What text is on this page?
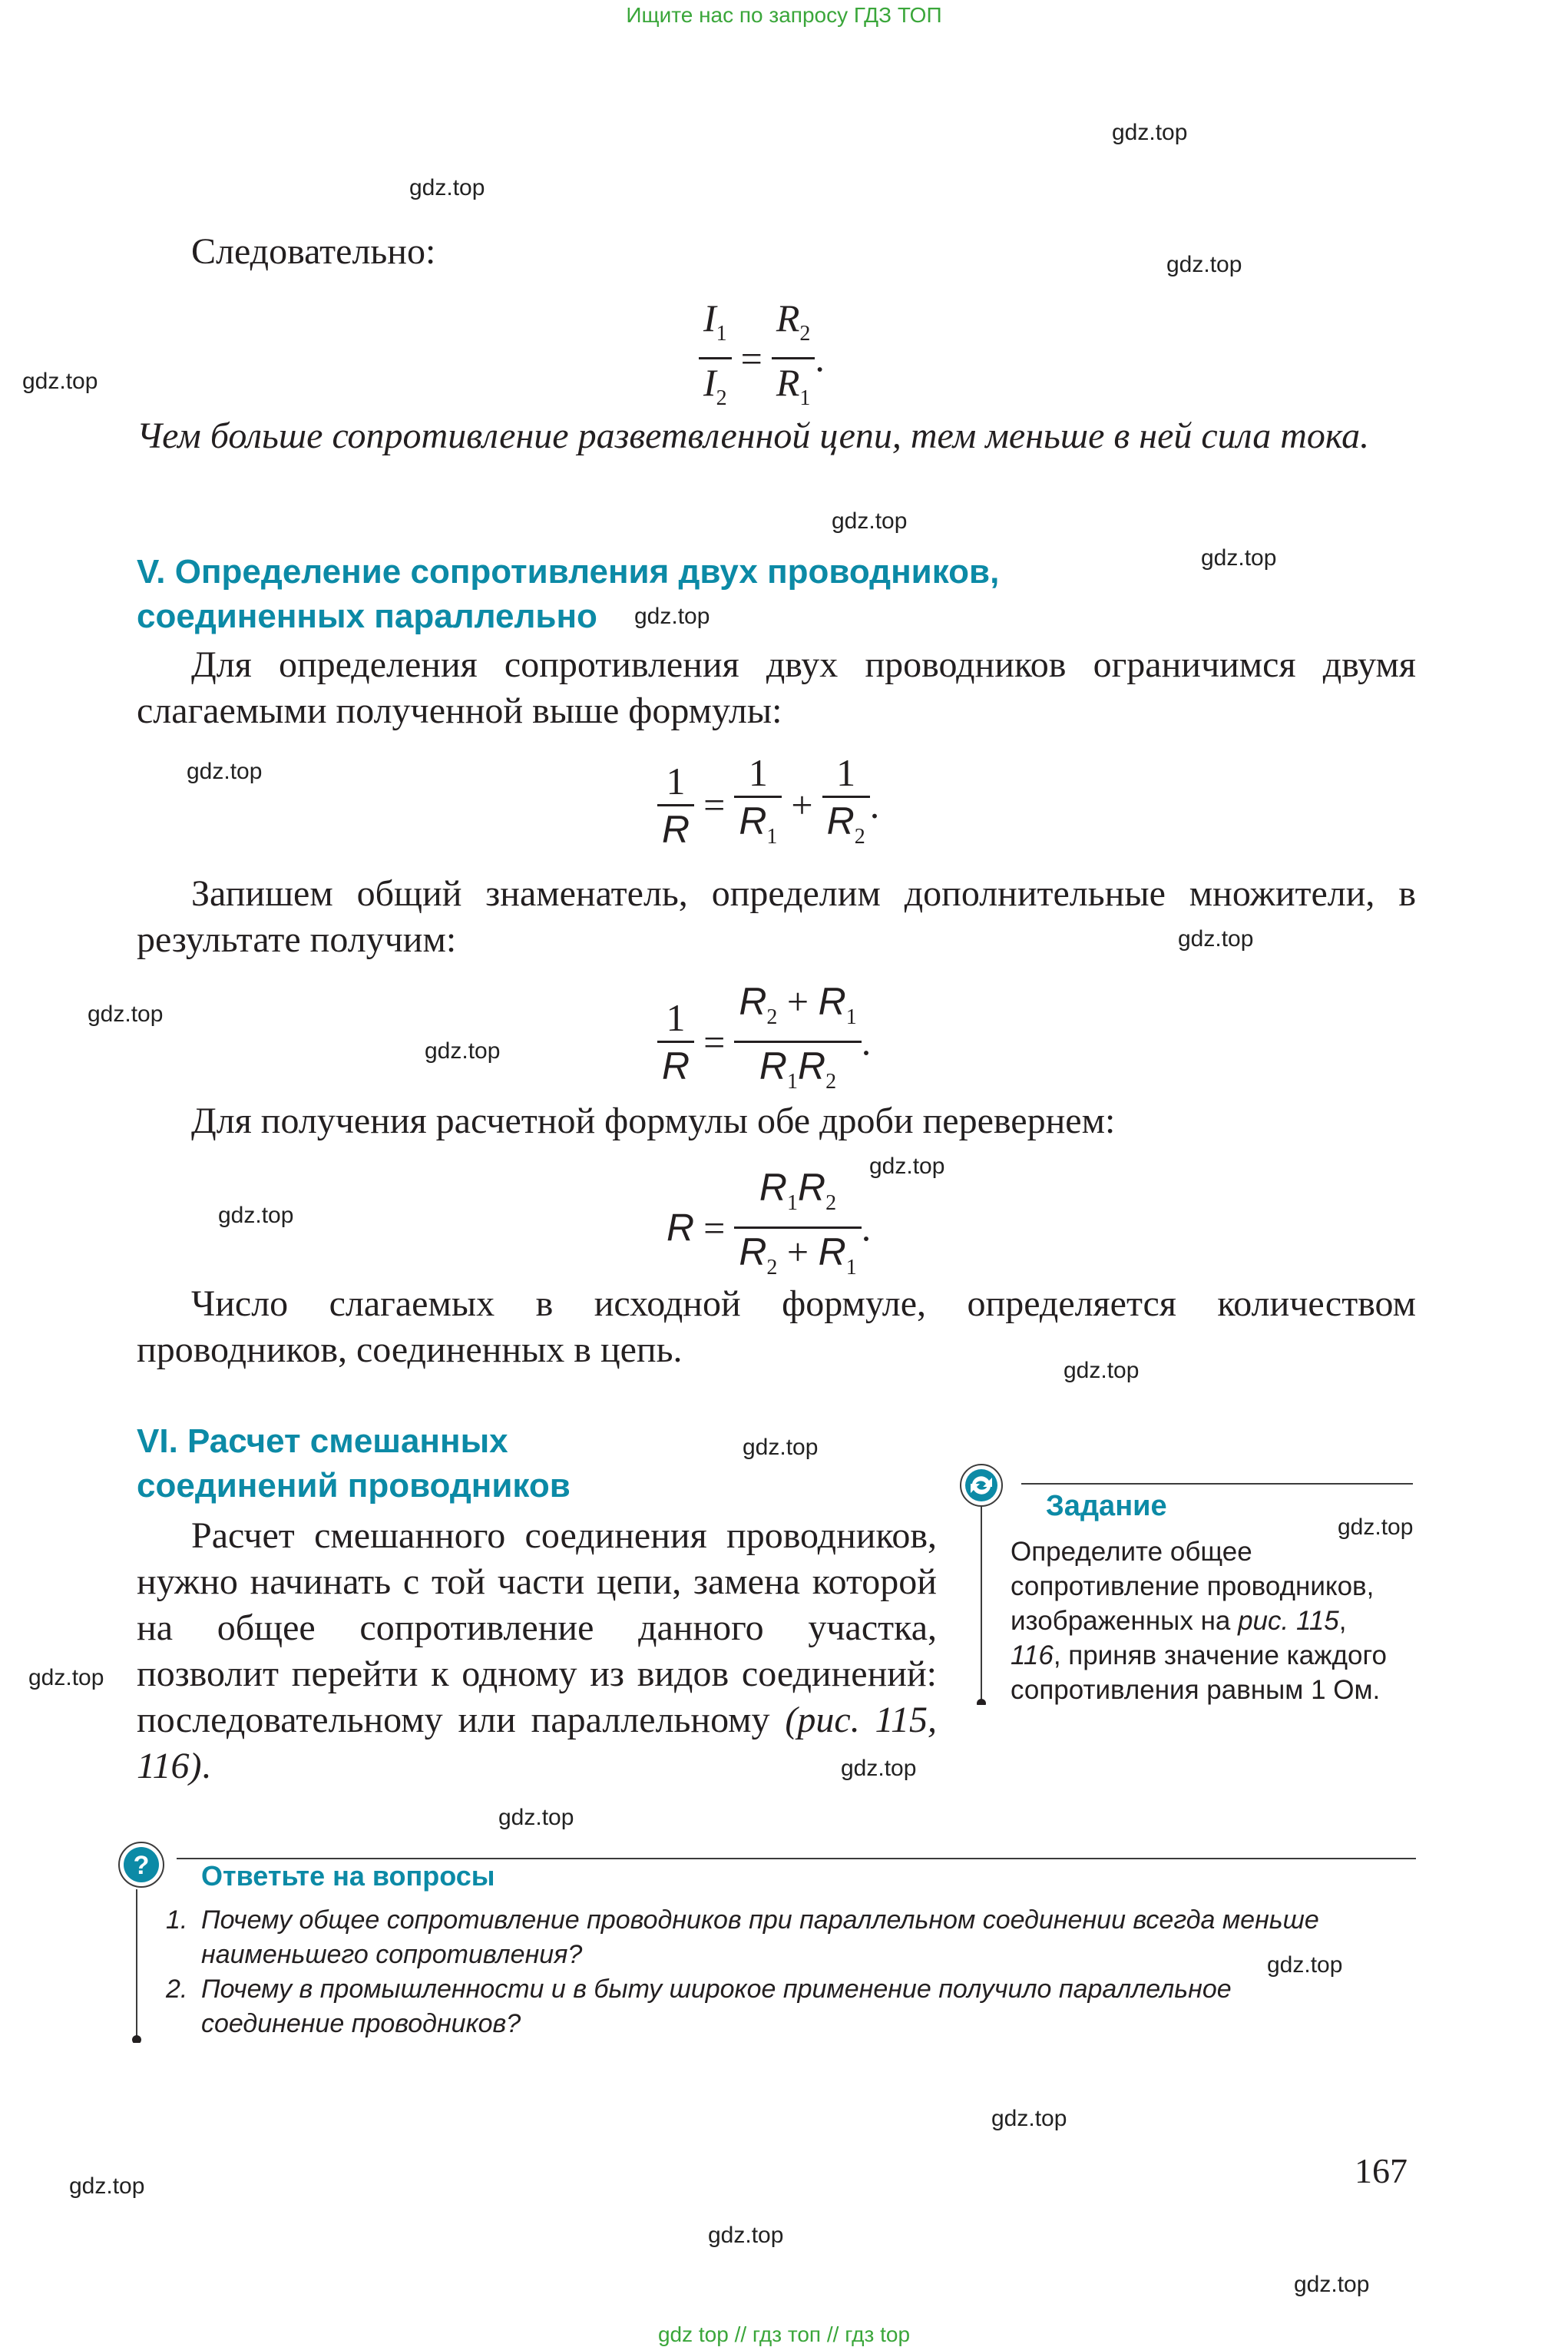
Ищите нас по запросу ГДЗ ТОП
gdz.top
gdz.top
gdz.top
gdz.top
gdz.top
gdz.top
gdz.top
gdz.top
gdz.top
gdz.top
gdz.top
gdz.top
gdz.top
gdz.top
gdz.top
gdz.top
gdz.top
gdz.top
gdz.top
gdz.top
gdz.top
gdz.top
gdz.top
gdz.top
Следовательно:
$\frac{I_1}{I_2} = \frac{R_2}{R_1}$ .
Чем больше сопротивление разветвленной цепи, тем меньше в ней сила тока.
V. Определение сопротивления двух проводников,
соединенных параллельно
Для определения сопротивления двух проводников ограничимся двумя слагаемыми полученной выше формулы:
$\frac{1}{R} = \frac{1}{R_1} + \frac{1}{R_2}$ .
Запишем общий знаменатель, определим дополнительные множители, в результате получим:
$\frac{1}{R} = \frac{R_2 + R_1}{R_1R_2}$ .
Для получения расчетной формулы обе дроби перевернем:
$R = \frac{R_1R_2}{R_2 + R_1}$ .
Число слагаемых в исходной формуле, определяется количеством проводников, соединенных в цепь.
VI. Расчет смешанных
соединений проводников
Расчет смешанного соединения проводников, нужно начинать с той части цепи, замена которой на общее сопротивление данного участка, позволит перейти к одному из видов соединений: последовательному или параллельному (рис. 115, 116).
Задание
Определите общее сопротивление проводников, изображенных на рис. 115, 116, приняв значение каждого сопротивления равным 1 Ом.
? Ответьте на вопросы
1. Почему общее сопротивление проводников при параллельном соединении всегда меньше наименьшего сопротивления?
2. Почему в промышленности и в быту широкое применение получило параллельное соединение проводников?
167
gdz top // гдз топ // гдз top
